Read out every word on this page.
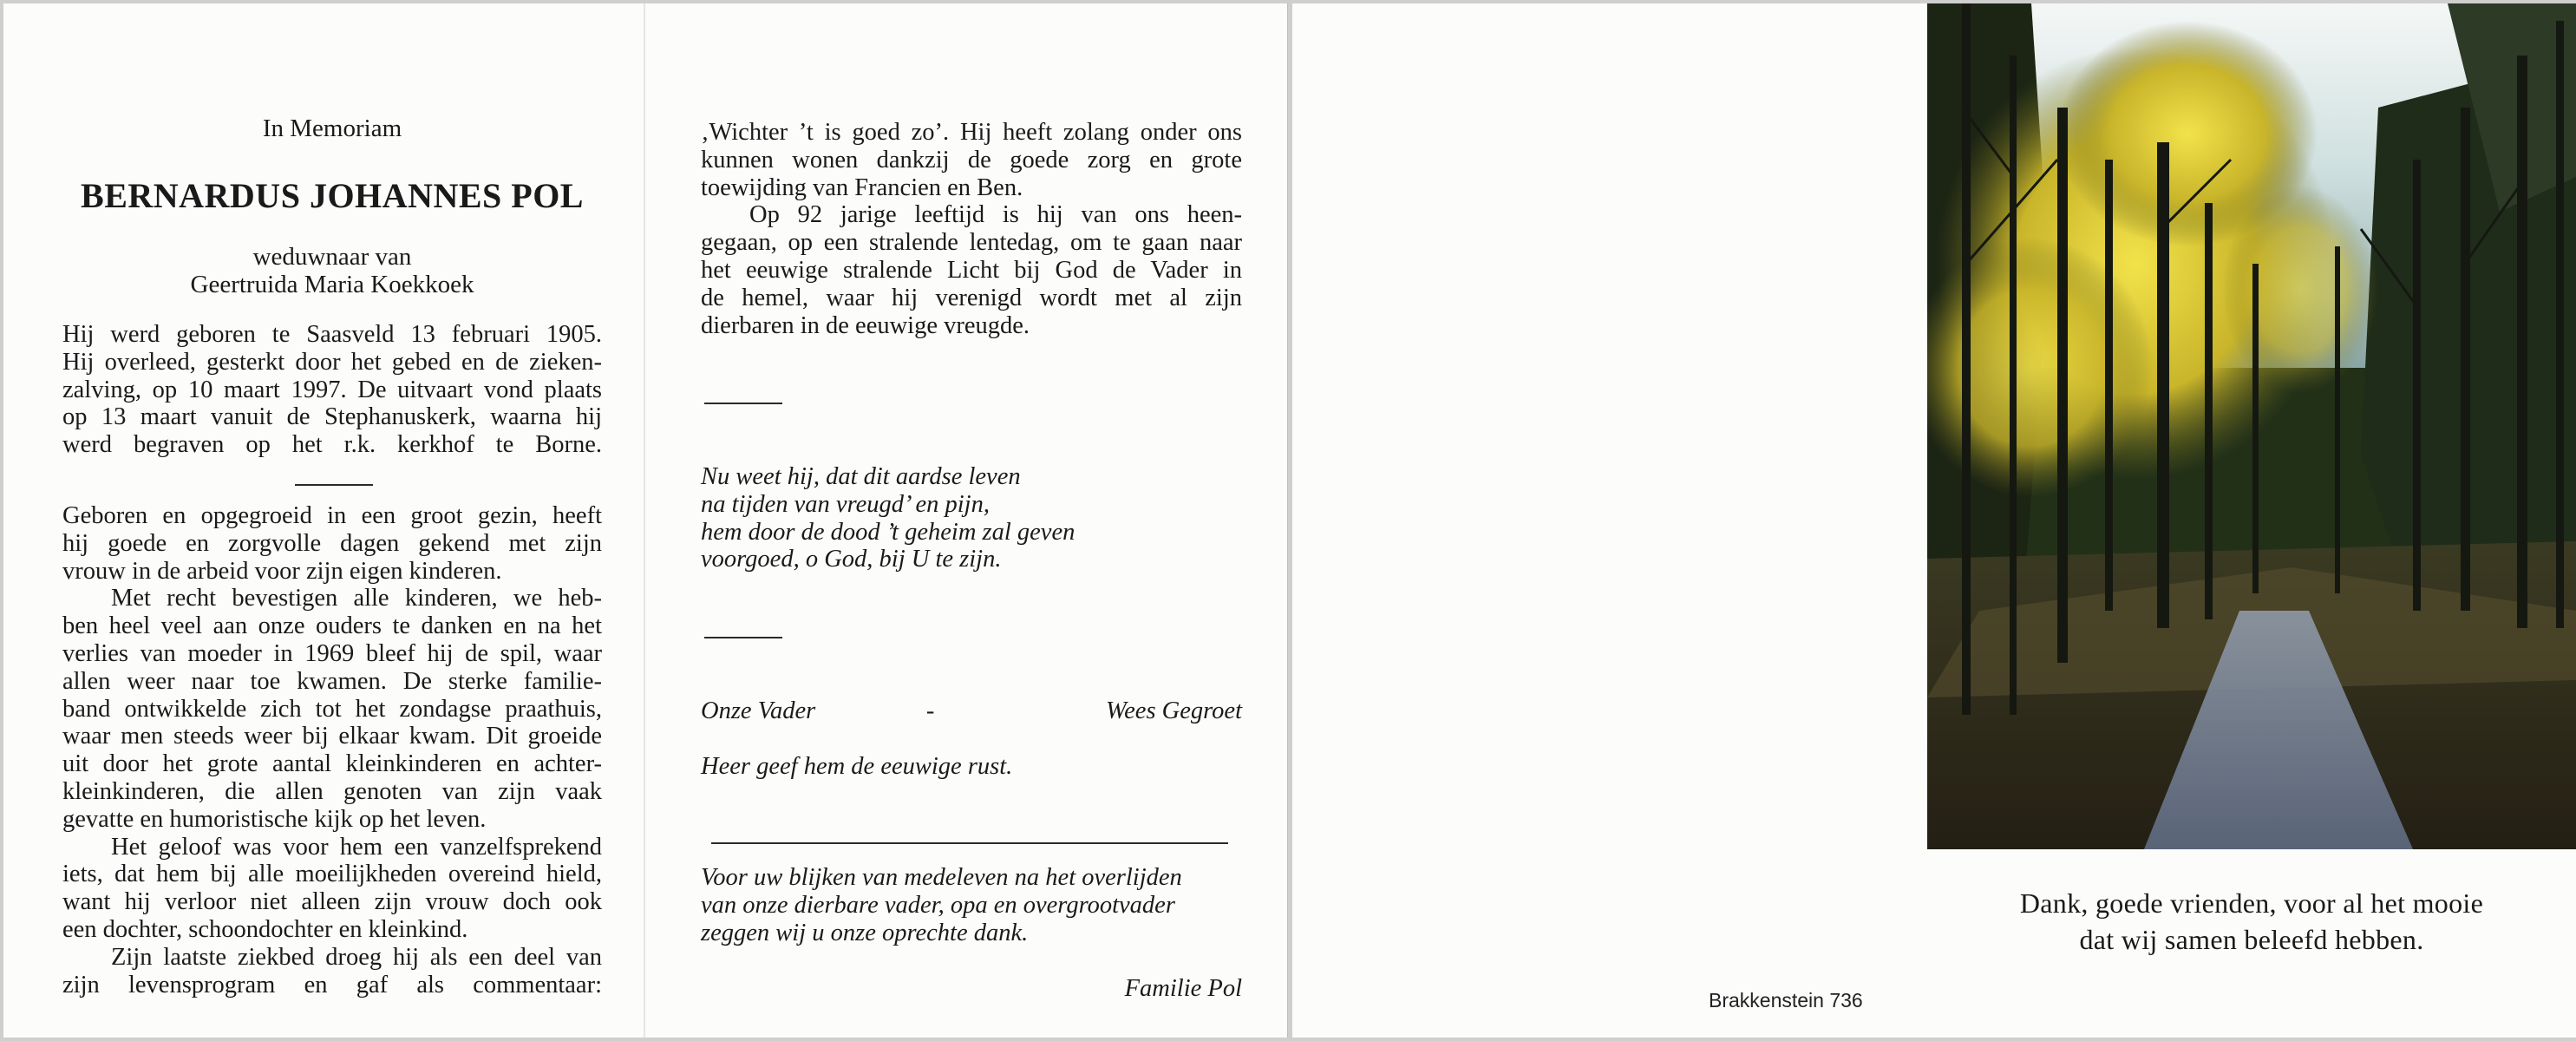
In Memoriam
BERNARDUS JOHANNES POL
weduwnaar van
Geertruida Maria Koekkoek

Hij werd geboren te Saasveld 13 februari 1905.

Hij overleed, gesterkt door het gebed en de zieken-

zalving, op 10 maart 1997. De uitvaart vond plaats

op 13 maart vanuit de Stephanuskerk, waarna hij

werd begraven op het r.k. kerkhof te Borne.

Geboren en opgegroeid in een groot gezin, heeft

hij goede en zorgvolle dagen gekend met zijn

vrouw in de arbeid voor zijn eigen kinderen.

Met recht bevestigen alle kinderen, we heb-

ben heel veel aan onze ouders te danken en na het

verlies van moeder in 1969 bleef hij de spil, waar

allen weer naar toe kwamen. De sterke familie-

band ontwikkelde zich tot het zondagse praathuis,

waar men steeds weer bij elkaar kwam. Dit groeide

uit door het grote aantal kleinkinderen en achter-

kleinkinderen, die allen genoten van zijn vaak

gevatte en humoristische kijk op het leven.

Het geloof was voor hem een vanzelfsprekend

iets, dat hem bij alle moeilijkheden overeind hield,

want hij verloor niet alleen zijn vrouw doch ook

een dochter, schoondochter en kleinkind.

Zijn laatste ziekbed droeg hij als een deel van

zijn levensprogram en gaf als commentaar:

‚Wichter ’t is goed zo’. Hij heeft zolang onder ons

kunnen wonen dankzij de goede zorg en grote

toewijding van Francien en Ben.

Op 92 jarige leeftijd is hij van ons heen-

gegaan, op een stralende lentedag, om te gaan naar

het eeuwige stralende Licht bij God de Vader in

de hemel, waar hij verenigd wordt met al zijn

dierbaren in de eeuwige vreugde.

Nu weet hij, dat dit aardse leven
na tijden van vreugd’ en pijn,
hem door de dood ’t geheim zal geven
voorgoed, o God, bij U te zijn.
Onze Vader	-	Wees Gegroet
Heer geef hem de eeuwige rust.
Voor uw blijken van medeleven na het overlijden
van onze dierbare vader, opa en overgrootvader
zeggen wij u onze oprechte dank.
Familie Pol	Brakkenstein 736
Dank, goede vrienden, voor al het mooie
dat wij samen beleefd hebben.
